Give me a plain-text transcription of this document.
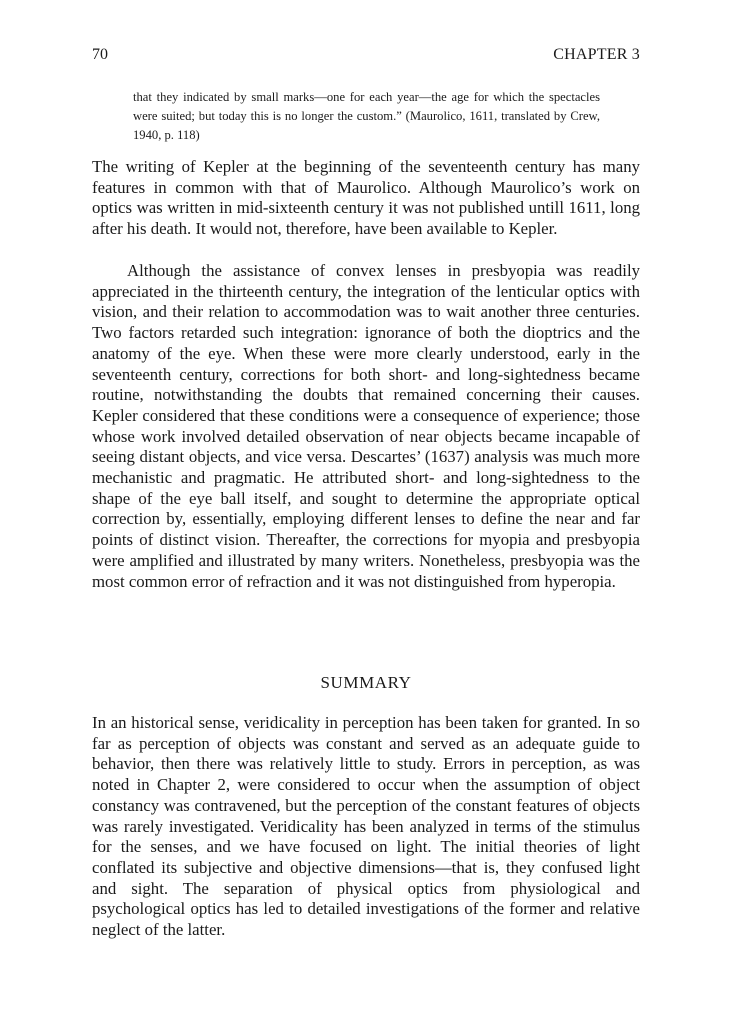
70	CHAPTER 3
that they indicated by small marks—one for each year—the age for which the spectacles were suited; but today this is no longer the custom.” (Maurolico, 1611, translated by Crew, 1940, p. 118)
The writing of Kepler at the beginning of the seventeenth century has many features in common with that of Maurolico. Although Maurolico’s work on optics was written in mid-sixteenth century it was not published untill 1611, long after his death. It would not, therefore, have been available to Kepler.
Although the assistance of convex lenses in presbyopia was readily appreciated in the thirteenth century, the integration of the lenticular optics with vision, and their relation to accommodation was to wait another three centuries. Two factors retarded such integration: ignorance of both the dioptrics and the anatomy of the eye. When these were more clearly understood, early in the seventeenth century, corrections for both short- and long-sightedness became routine, notwithstanding the doubts that remained concerning their causes. Kepler considered that these conditions were a consequence of experience; those whose work involved detailed observation of near objects became incapable of seeing distant objects, and vice versa. Descartes’ (1637) analysis was much more mechanistic and pragmatic. He attributed short- and long-sightedness to the shape of the eye ball itself, and sought to determine the appropriate optical correction by, essentially, employing different lenses to define the near and far points of distinct vision. Thereafter, the corrections for myopia and presbyopia were amplified and illustrated by many writers. Nonetheless, presbyopia was the most common error of refraction and it was not distinguished from hyperopia.
SUMMARY
In an historical sense, veridicality in perception has been taken for granted. In so far as perception of objects was constant and served as an adequate guide to behavior, then there was relatively little to study. Errors in perception, as was noted in Chapter 2, were considered to occur when the assumption of object constancy was contravened, but the perception of the constant features of objects was rarely investigated. Veridicality has been analyzed in terms of the stimulus for the senses, and we have focused on light. The initial theories of light conflated its subjective and objective dimensions—that is, they confused light and sight. The separation of physical optics from physiological and psychological optics has led to detailed investigations of the former and relative neglect of the latter.
